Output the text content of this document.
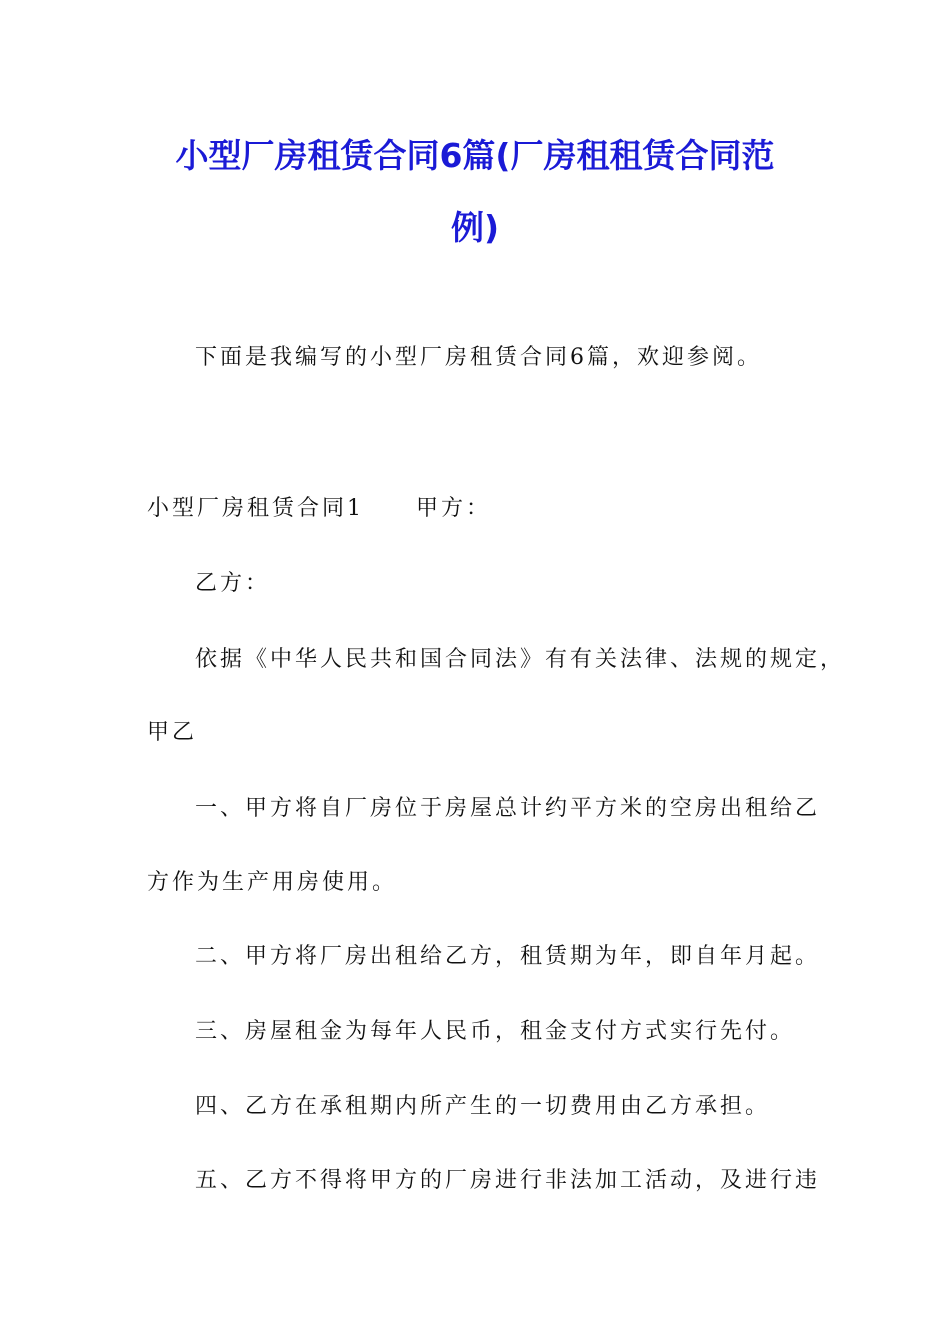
小型厂房租赁合同6篇(厂房租租赁合同范
例)
下面是我编写的小型厂房租赁合同6篇，欢迎参阅。
小型厂房租赁合同1 甲方：
乙方：
依据《中华人民共和国合同法》有有关法律、法规的规定，
甲乙
一、甲方将自厂房位于房屋总计约平方米的空房出租给乙
方作为生产用房使用。
二、甲方将厂房出租给乙方，租赁期为年，即自年月起。
三、房屋租金为每年人民币，租金支付方式实行先付。
四、乙方在承租期内所产生的一切费用由乙方承担。
五、乙方不得将甲方的厂房进行非法加工活动，及进行违
